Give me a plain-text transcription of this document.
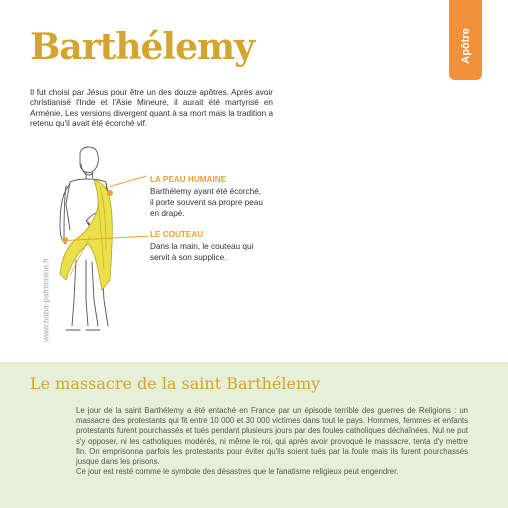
Barthélemy	Apôtre

Il fut choisi par Jésus pour être un des douze apôtres. Après avoir christianisé l'Inde et l'Asie Mineure, il aurait été martyrisé en Arménie. Les versions divergent quant à sa mort mais la tradition a retenu qu'il avait été écorché vif.

www.baba-patrimoine.fr

LA PEAU HUMAINE

Barthélemy ayant été écorché,

il porte souvent sa propre peau

en drapé.

LE COUTEAU

Dans la main, le couteau qui

servit à son supplice.

Le massacre de la saint Barthélemy
Le jour de la saint Barthélemy a été entaché en France par un épisode terrible des guerres de Religions : un massacre des protestants qui fit entre 10 000 et 30 000 victimes dans tout le pays. Hommes, femmes et enfants protestants furent pourchassés et tués pendant plusieurs jours par des foules catholiques déchaînées. Nul ne put s'y opposer, ni les catholiques modérés, ni même le roi, qui après avoir provoqué le massacre, tenta d'y mettre fin. On emprisonna parfois les protestants pour éviter qu'ils soient tués par la foule mais ils furent pourchassés jusque dans les prisons.
Ce jour est resté comme le symbole des désastres que le fanatisme religieux peut engendrer.
